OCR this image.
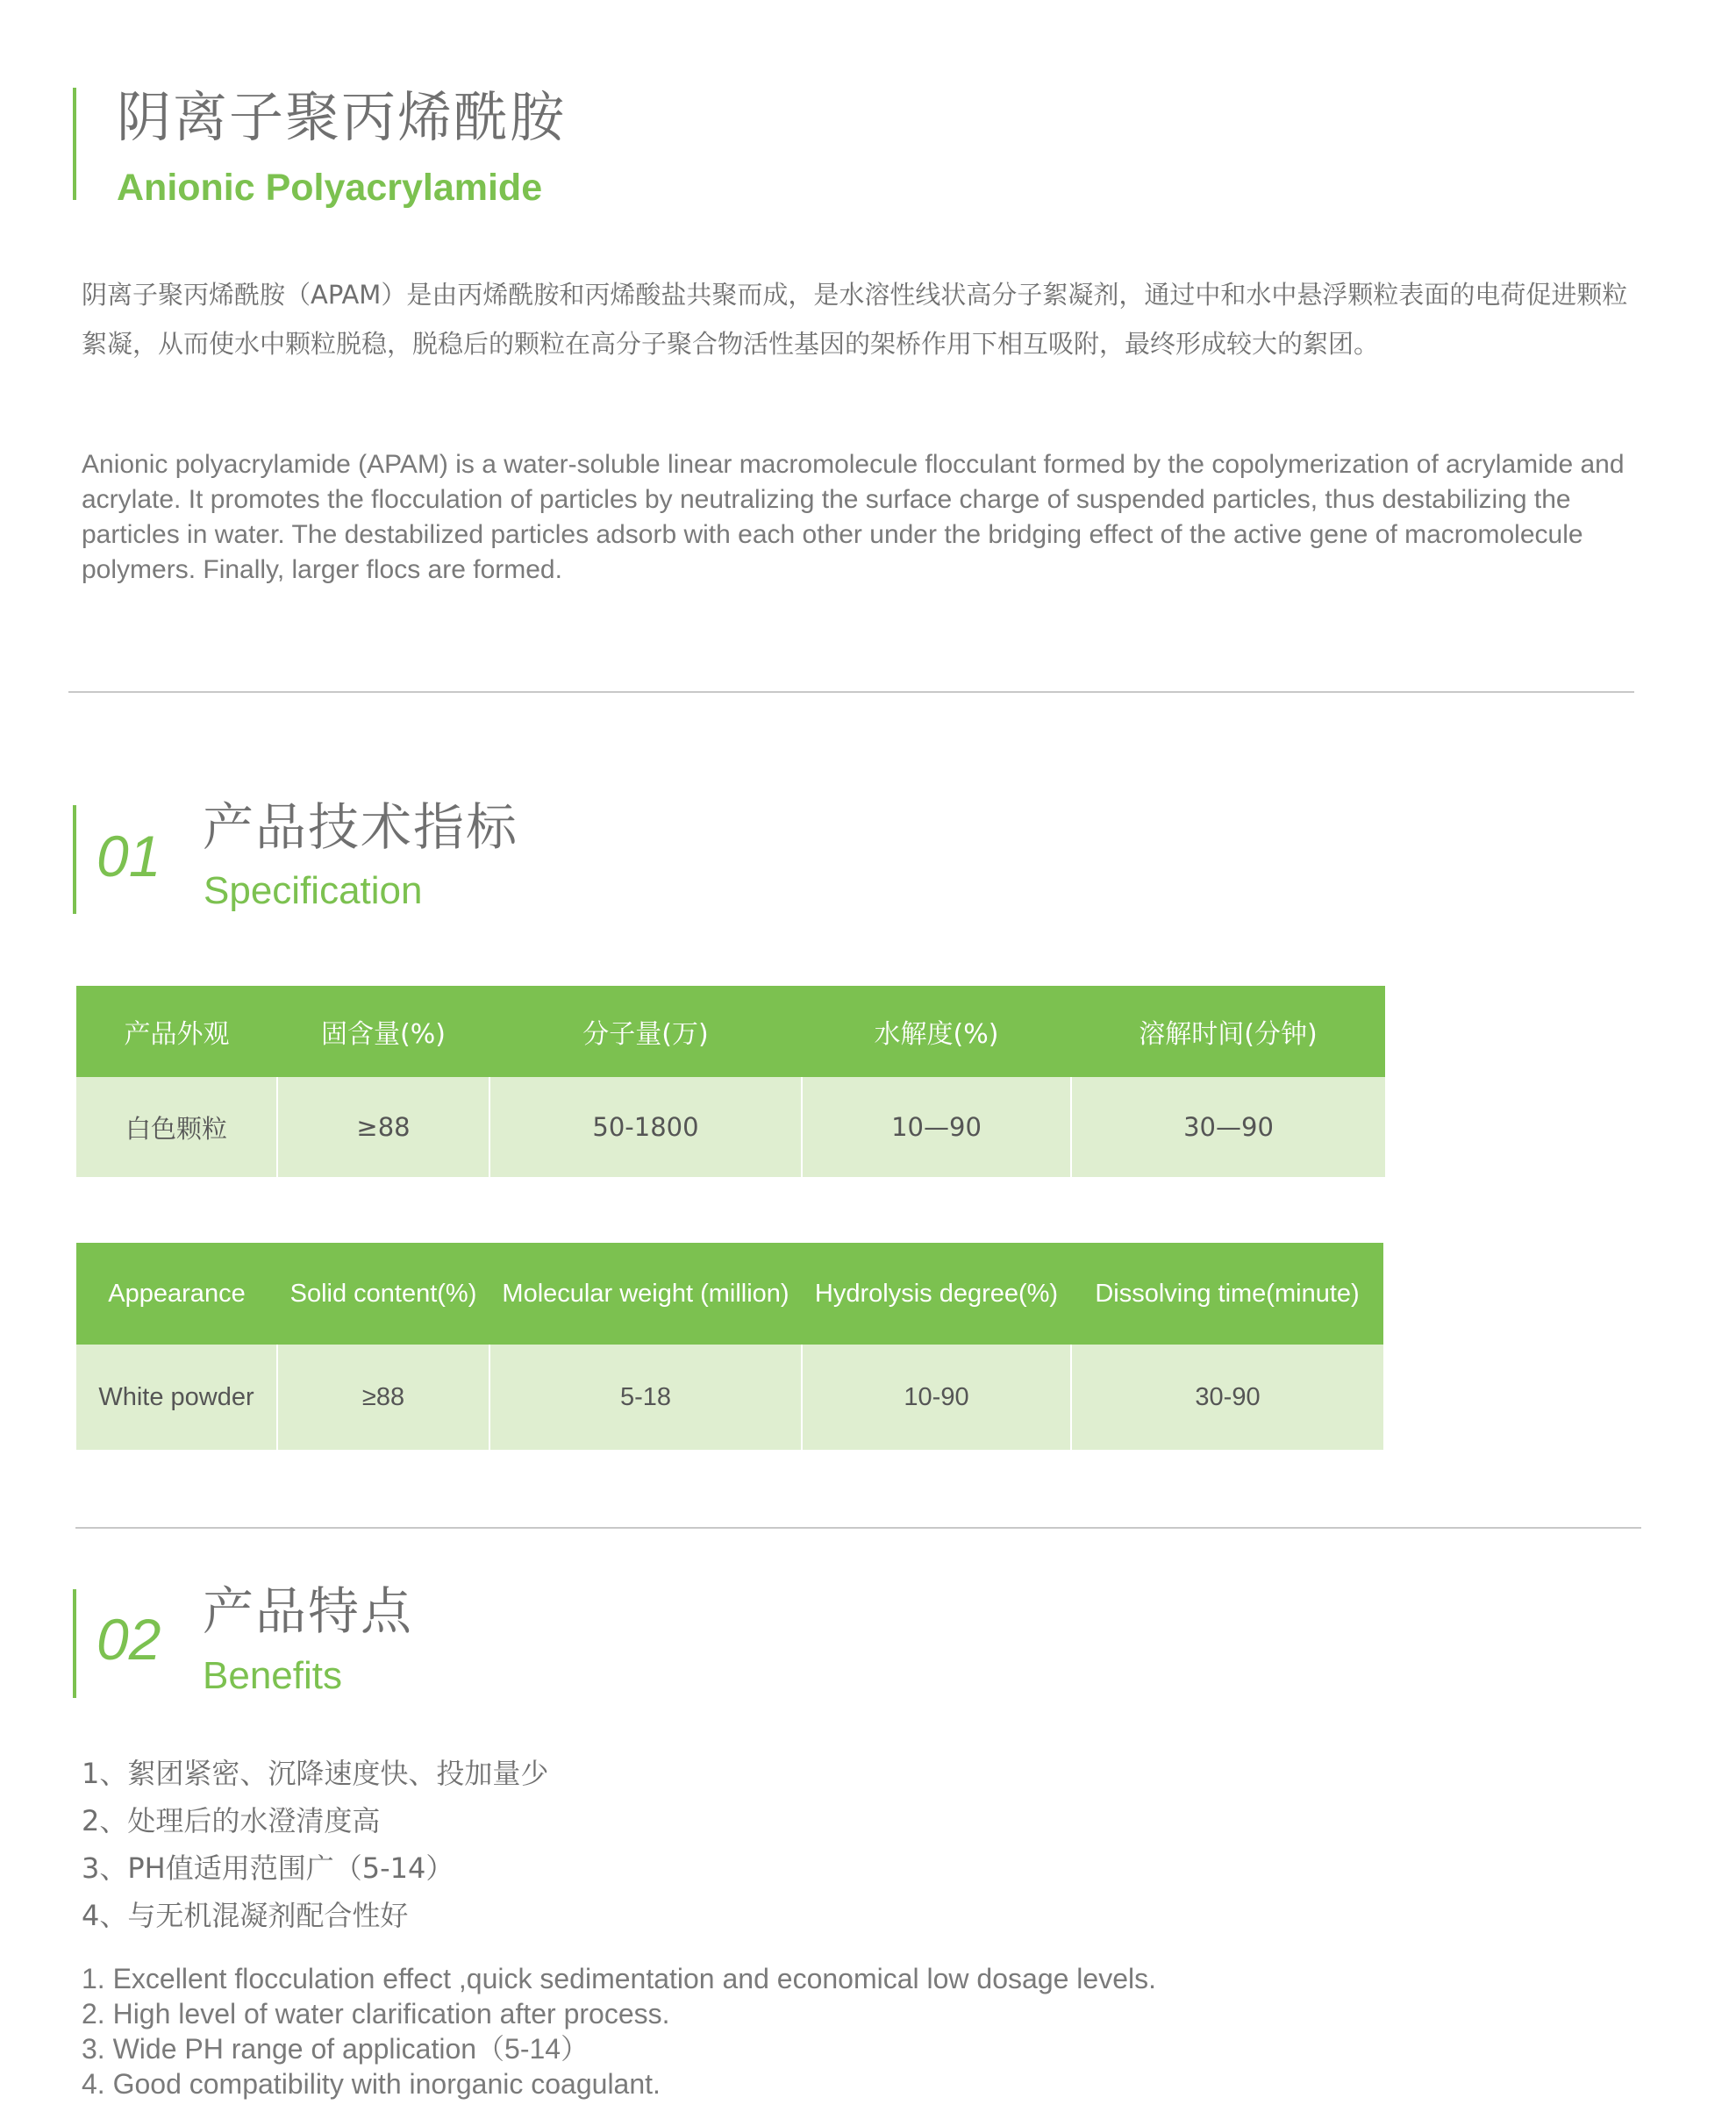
阴离子聚丙烯酰胺
Anionic Polyacrylamide

阴离子聚丙烯酰胺（APAM）是由丙烯酰胺和丙烯酸盐共聚而成，是水溶性线状高分子絮凝剂，通过中和水中悬浮颗粒表面的电荷促进颗粒絮凝，从而使水中颗粒脱稳，脱稳后的颗粒在高分子聚合物活性基因的架桥作用下相互吸附，最终形成较大的絮团。

Anionic polyacrylamide (APAM) is a water-soluble linear macromolecule flocculant formed by the copolymerization of acrylamide and acrylate. It promotes the flocculation of particles by neutralizing the surface charge of suspended particles, thus destabilizing the particles in water. The destabilized particles adsorb with each other under the bridging effect of the active gene of macromolecule polymers. Finally, larger flocs are formed.

01 产品技术指标
Specification
产品外观	固含量(%)	分子量(万)	水解度(%)	溶解时间(分钟)
白色颗粒	≥88	50-1800	10—90	30—90
Appearance	Solid content(%)	Molecular weight (million)	Hydrolysis degree(%)	Dissolving time(minute)
White powder	≥88	5-18	10-90	30-90
02 产品特点
Benefits
1、絮团紧密、沉降速度快、投加量少
2、处理后的水澄清度高
3、PH值适用范围广（5-14）
4、与无机混凝剂配合性好
1. Excellent flocculation effect ,quick sedimentation and economical low dosage levels.
2. High level of water clarification after process.
3. Wide PH range of application（5-14）
4. Good compatibility with inorganic coagulant.
